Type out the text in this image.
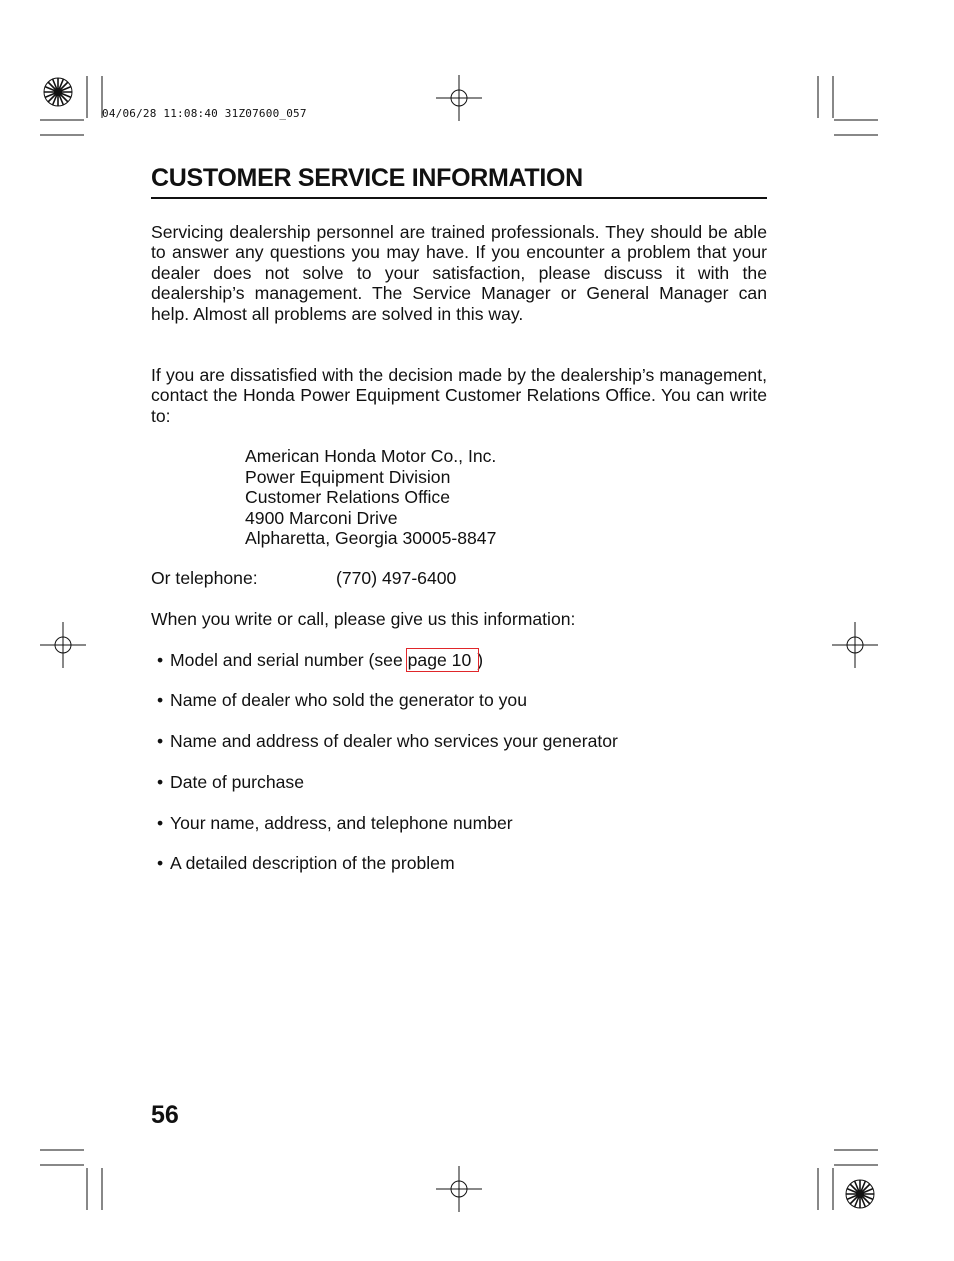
04/06/28 11:08:40 31Z07600_057
CUSTOMER SERVICE INFORMATION

Servicing dealership personnel are trained professionals. They should be able to answer any questions you may have. If you encounter a problem that your dealer does not solve to your satisfaction, please discuss it with the dealership’s management. The Service Manager or General Manager can help. Almost all problems are solved in this way.

If you are dissatisfied with the decision made by the dealership’s management, contact the Honda Power Equipment Customer Relations Office. You can write to:

American Honda Motor Co., Inc.
Power Equipment Division
Customer Relations Office
4900 Marconi Drive
Alpharetta, Georgia 30005-8847
Or telephone:	(770) 497-6400
When you write or call, please give us this information:
• Model and serial number (see page 10 )
• Name of dealer who sold the generator to you
• Name and address of dealer who services your generator
• Date of purchase
• Your name, address, and telephone number
• A detailed description of the problem
56
